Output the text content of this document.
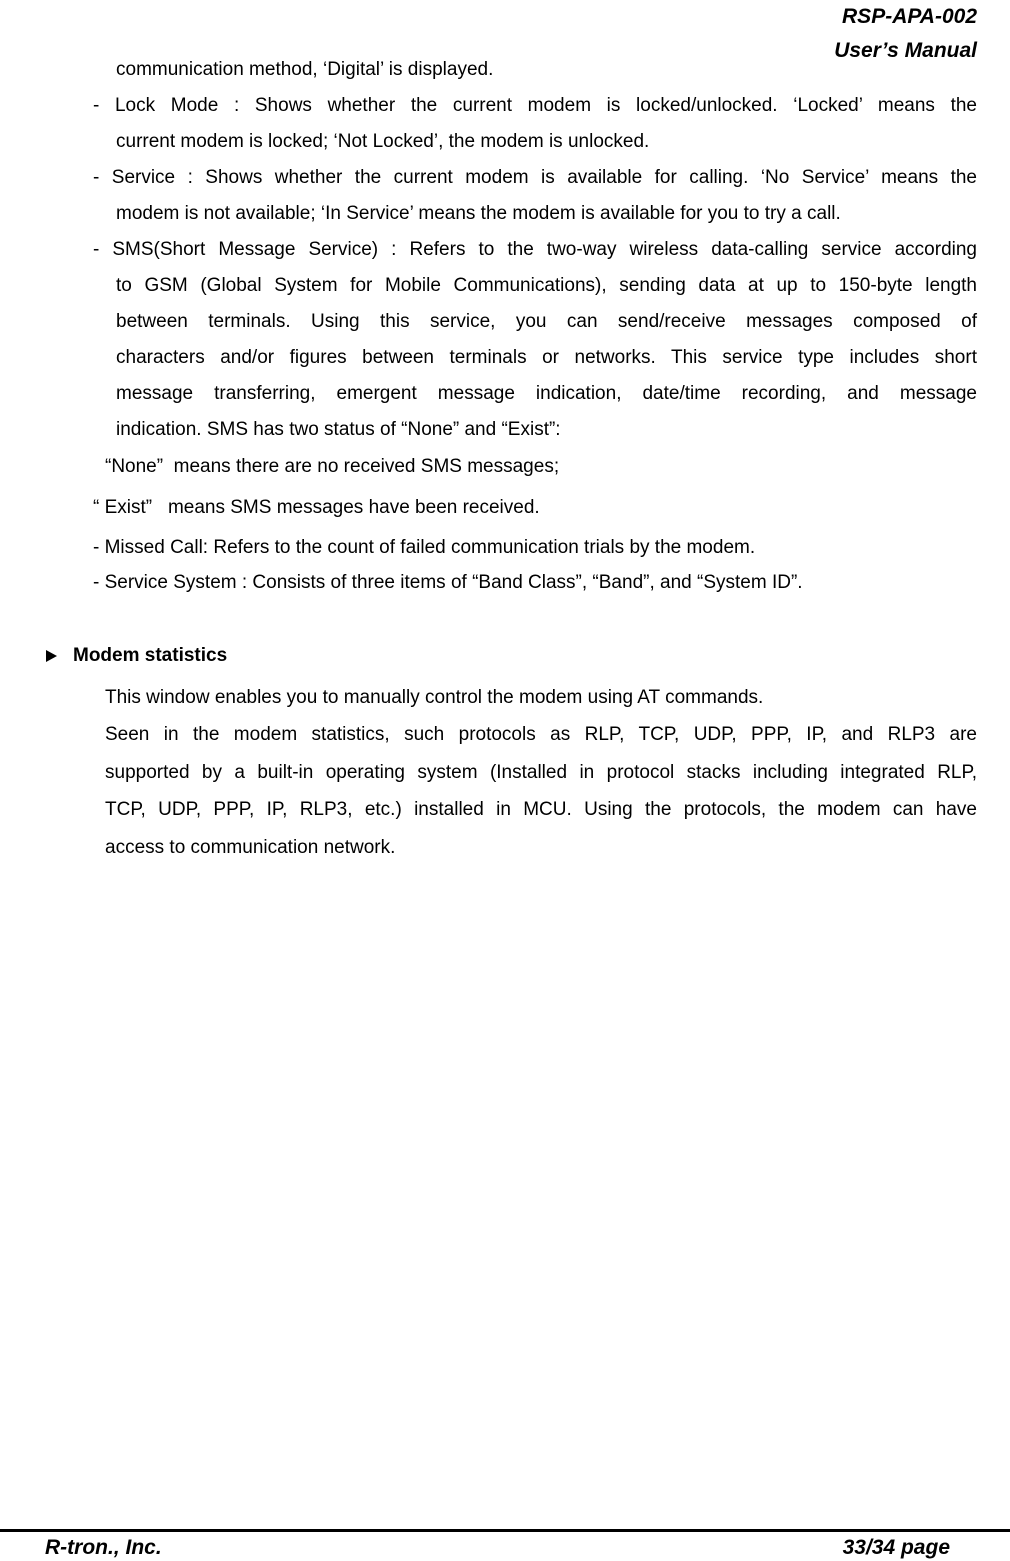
RSP-APA-002
User’s Manual
communication method, ‘Digital’ is displayed.
- Lock Mode : Shows whether the current modem is locked/unlocked. ‘Locked’ means the
current modem is locked; ‘Not Locked’, the modem is unlocked.
- Service : Shows whether the current modem is available for calling. ‘No Service’ means the
modem is not available; ‘In Service’ means the modem is available for you to try a call.
- SMS(Short Message Service) : Refers to the two-way wireless data-calling service according
to GSM (Global System for Mobile Communications), sending data at up to 150-byte length
between terminals. Using this service, you can send/receive messages composed of
characters and/or figures between terminals or networks. This service type includes short
message transferring, emergent message indication, date/time recording, and message
indication. SMS has two status of “None” and “Exist”:
“None”  means there are no received SMS messages;
“ Exist”   means SMS messages have been received.
- Missed Call: Refers to the count of failed communication trials by the modem.
- Service System : Consists of three items of “Band Class”, “Band”, and “System ID”.
Modem statistics
This window enables you to manually control the modem using AT commands.
Seen in the modem statistics, such protocols as RLP, TCP, UDP, PPP, IP, and RLP3 are
supported by a built-in operating system (Installed in protocol stacks including integrated RLP,
TCP, UDP, PPP, IP, RLP3, etc.) installed in MCU. Using the protocols, the modem can have
access to communication network.
R-tron., Inc.	33/34 page
